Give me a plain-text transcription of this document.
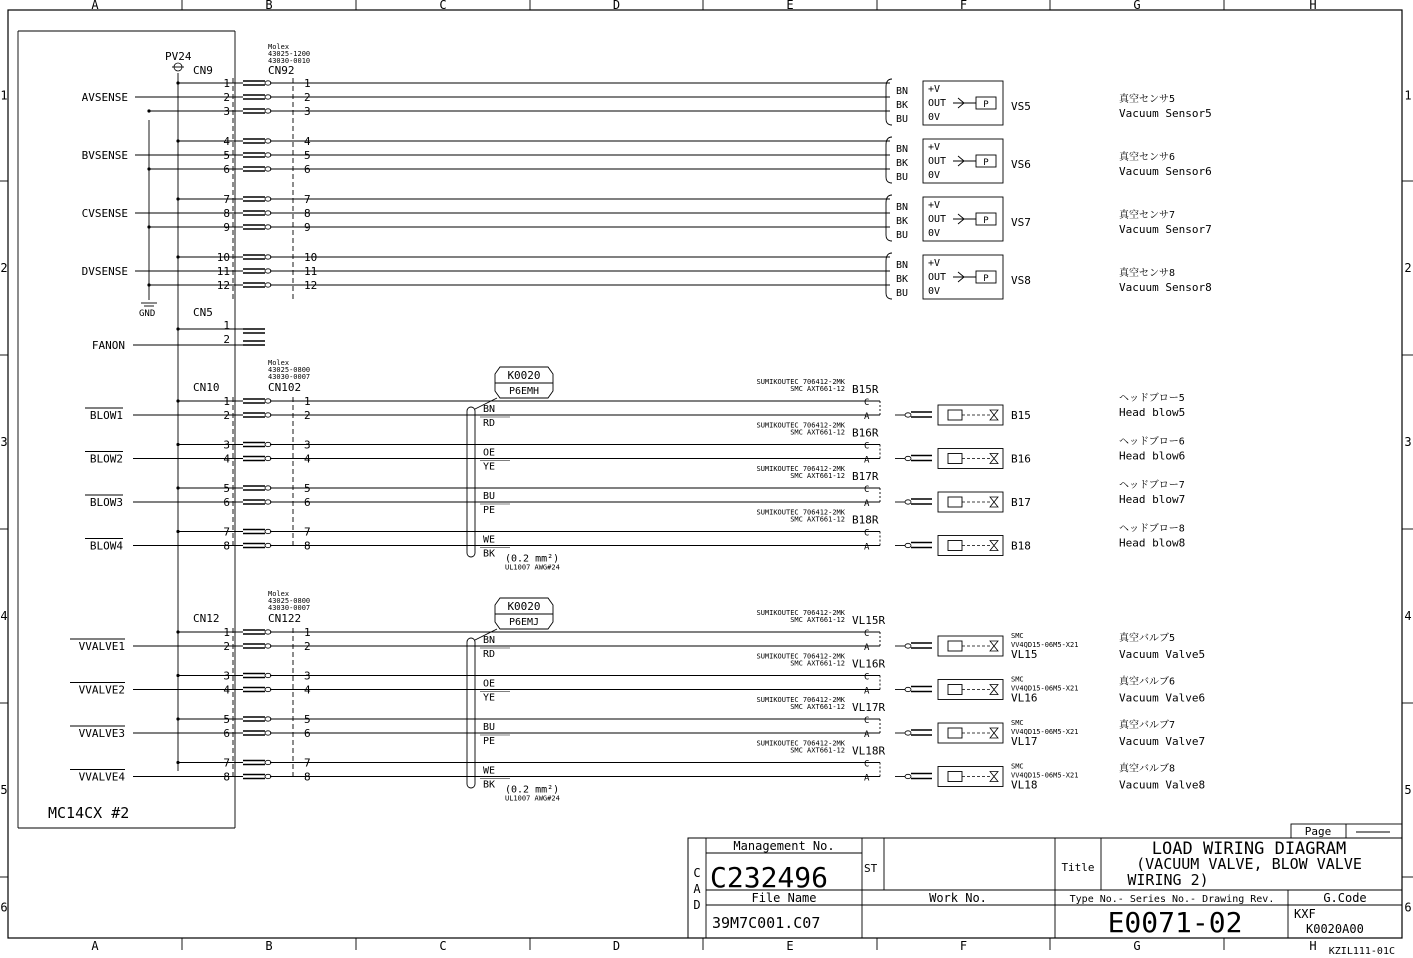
A
A
B
B
C
C
D
D
E
E
F
F
G
G
H
H
1	1
2	2
3	3
4	4
5	5
6	6
MC14CX #2
PV24
CN9
Molex
43025-1200
43030-0010
CN92
GND
1	1
BN
2	2
BK
3	3
BU
AVSENSE
+V
OUT
0V
P VS5
真空センサ5
Vacuum Sensor5
4	4
BN
5	5
BK
6	6
BU
BVSENSE
+V
OUT
0V
P VS6
真空センサ6
Vacuum Sensor6
7	7
BN
8	8
BK
9	9
BU
CVSENSE
+V
OUT
0V
P VS7
真空センサ7
Vacuum Sensor7
10	10
BN
11	11
BK
12	12
BU
DVSENSE
+V
OUT
0V
P VS8
真空センサ8
Vacuum Sensor8
CN5
1
2
FANON
Molex
43025-0800
43030-0007
CN10	CN102
K0020
P6EMH
1
2
1
2
BLOW1	BN
RD
SUMIKOUTEC 706412-2MK
SMC AXT661-12 B15R
C
A	B15
ヘッドブロー5
Head blow5
3
4
3
4
BLOW2	OE
YE
SUMIKOUTEC 706412-2MK
SMC AXT661-12 B16R
C
A	B16
ヘッドブロー6
Head blow6
5
6
5
6
BLOW3	BU
PE
SUMIKOUTEC 706412-2MK
SMC AXT661-12 B17R
C
A	B17
ヘッドブロー7
Head blow7
7
8
7
8
BLOW4	WE
BK
SUMIKOUTEC 706412-2MK
SMC AXT661-12 B18R
C
A	B18
ヘッドブロー8
Head blow8
(0.2 mm²)
UL1007 AWG#24
Molex
43025-0800
43030-0007
CN12	CN122
K0020
P6EMJ
1
2
1
2
VVALVE1	BN
RD
SUMIKOUTEC 706412-2MK
SMC AXT661-12 VL15R
C
A
SMC
VV4QD15-06M5-X21
VL15
真空バルブ5
Vacuum Valve5
3
4
3
4
VVALVE2	OE
YE
SUMIKOUTEC 706412-2MK
SMC AXT661-12 VL16R
C
A
SMC
VV4QD15-06M5-X21
VL16
真空バルブ6
Vacuum Valve6
5
6
5
6
VVALVE3	BU
PE
SUMIKOUTEC 706412-2MK
SMC AXT661-12 VL17R
C
A
SMC
VV4QD15-06M5-X21
VL17
真空バルブ7
Vacuum Valve7
7
8
7
8
VVALVE4	WE
BK
SUMIKOUTEC 706412-2MK
SMC AXT661-12 VL18R
C
A
SMC
VV4QD15-06M5-X21
VL18
真空バルブ8
Vacuum Valve8
(0.2 mm²)
UL1007 AWG#24
C
A
D
Management No.
C232496	ST	Title
LOAD WIRING DIAGRAM
(VACUUM VALVE, BLOW VALVE
WIRING 2)
Page
File Name
39M7C001.C07
Work No.	Type No.- Series No.- Drawing Rev.
E0071-02
G.Code
KXF
K0020A00
KZIL111-01C
